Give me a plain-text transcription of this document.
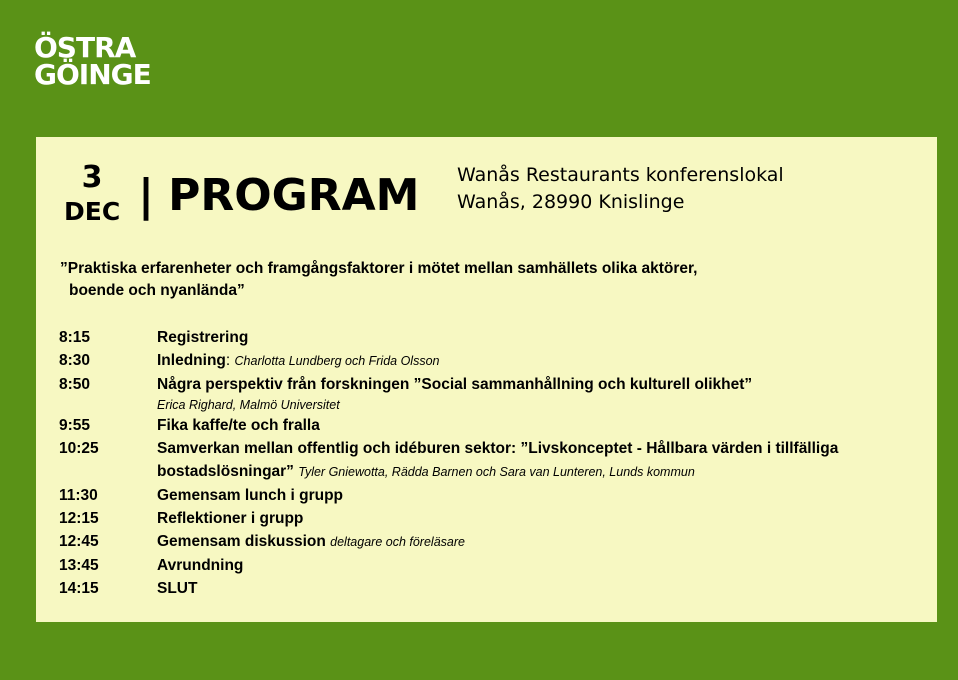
ÖSTRA
GÖINGE
3
DEC | PROGRAM Wanås Restaurants konferenslokal
Wanås, 28990 Knislinge
”Praktiska erfarenheter och framgångsfaktorer i mötet mellan samhällets olika aktörer,
boende och nyanlända”
8:15	Registrering
8:30	Inledning: Charlotta Lundberg och Frida Olsson
8:50	Några perspektiv från forskningen ”Social sammanhållning och kulturell olikhet”
Erica Righard, Malmö Universitet
9:55	Fika kaffe/te och fralla
10:25	Samverkan mellan offentlig och idéburen sektor: ”Livskonceptet - Hållbara värden i tillfälliga bostadslösningar” Tyler Gniewotta, Rädda Barnen och Sara van Lunteren, Lunds kommun
11:30	Gemensam lunch i grupp
12:15	Reflektioner i grupp
12:45	Gemensam diskussion deltagare och föreläsare
13:45	Avrundning
14:15	SLUT
